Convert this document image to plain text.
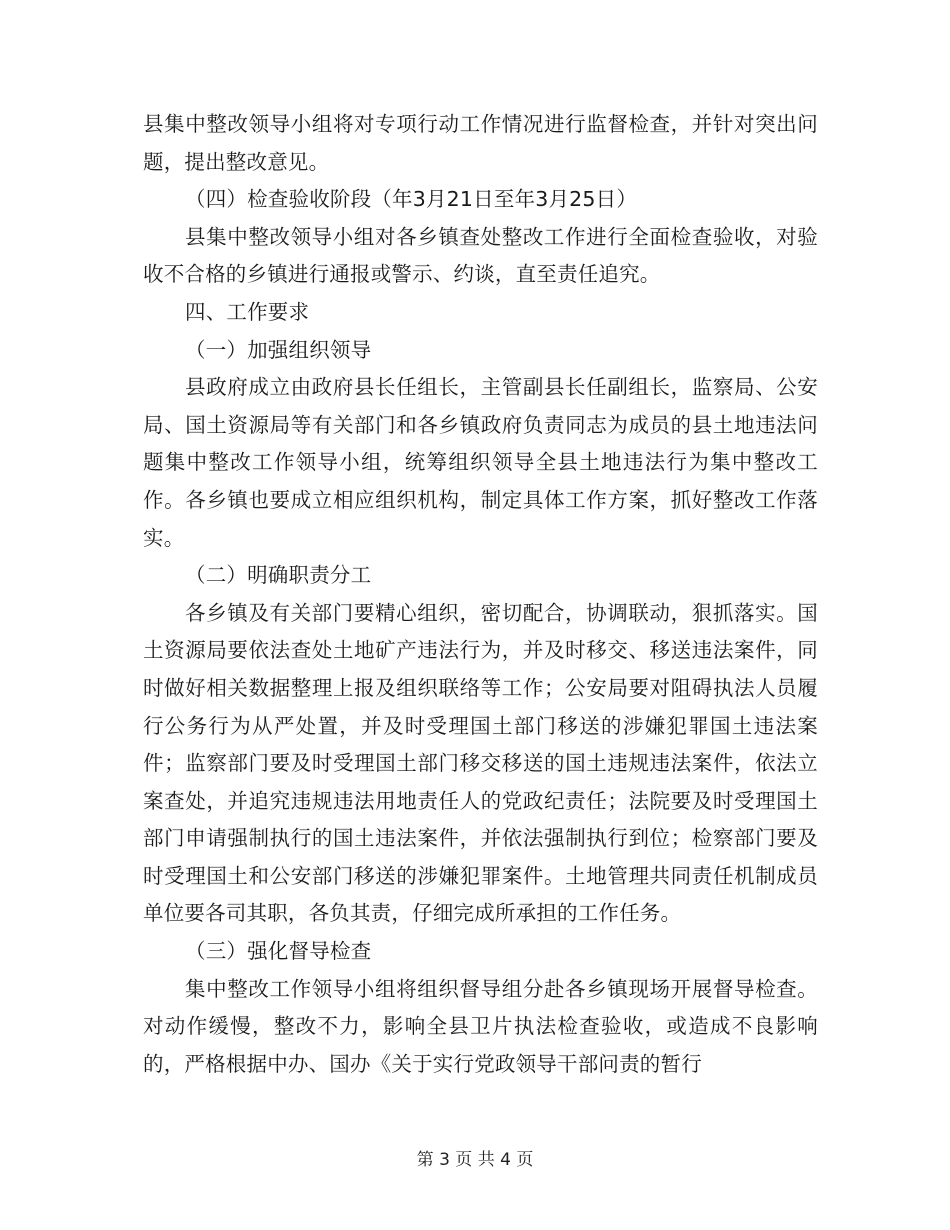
县集中整改领导小组将对专项行动工作情况进行监督检查，并针对突出问题，提出整改意见。

（四）检查验收阶段（年3月21日至年3月25日）

县集中整改领导小组对各乡镇查处整改工作进行全面检查验收，对验收不合格的乡镇进行通报或警示、约谈，直至责任追究。

四、工作要求

（一）加强组织领导

县政府成立由政府县长任组长，主管副县长任副组长，监察局、公安局、国土资源局等有关部门和各乡镇政府负责同志为成员的县土地违法问题集中整改工作领导小组，统筹组织领导全县土地违法行为集中整改工作。各乡镇也要成立相应组织机构，制定具体工作方案，抓好整改工作落实。

（二）明确职责分工

各乡镇及有关部门要精心组织，密切配合，协调联动，狠抓落实。国土资源局要依法查处土地矿产违法行为，并及时移交、移送违法案件，同时做好相关数据整理上报及组织联络等工作；公安局要对阻碍执法人员履行公务行为从严处置，并及时受理国土部门移送的涉嫌犯罪国土违法案件；监察部门要及时受理国土部门移交移送的国土违规违法案件，依法立案查处，并追究违规违法用地责任人的党政纪责任；法院要及时受理国土部门申请强制执行的国土违法案件，并依法强制执行到位；检察部门要及时受理国土和公安部门移送的涉嫌犯罪案件。土地管理共同责任机制成员单位要各司其职，各负其责，仔细完成所承担的工作任务。

（三）强化督导检查

集中整改工作领导小组将组织督导组分赴各乡镇现场开展督导检查。对动作缓慢，整改不力，影响全县卫片执法检查验收，或造成不良影响的，严格根据中办、国办《关于实行党政领导干部问责的暂行

第 3 页 共 4 页
